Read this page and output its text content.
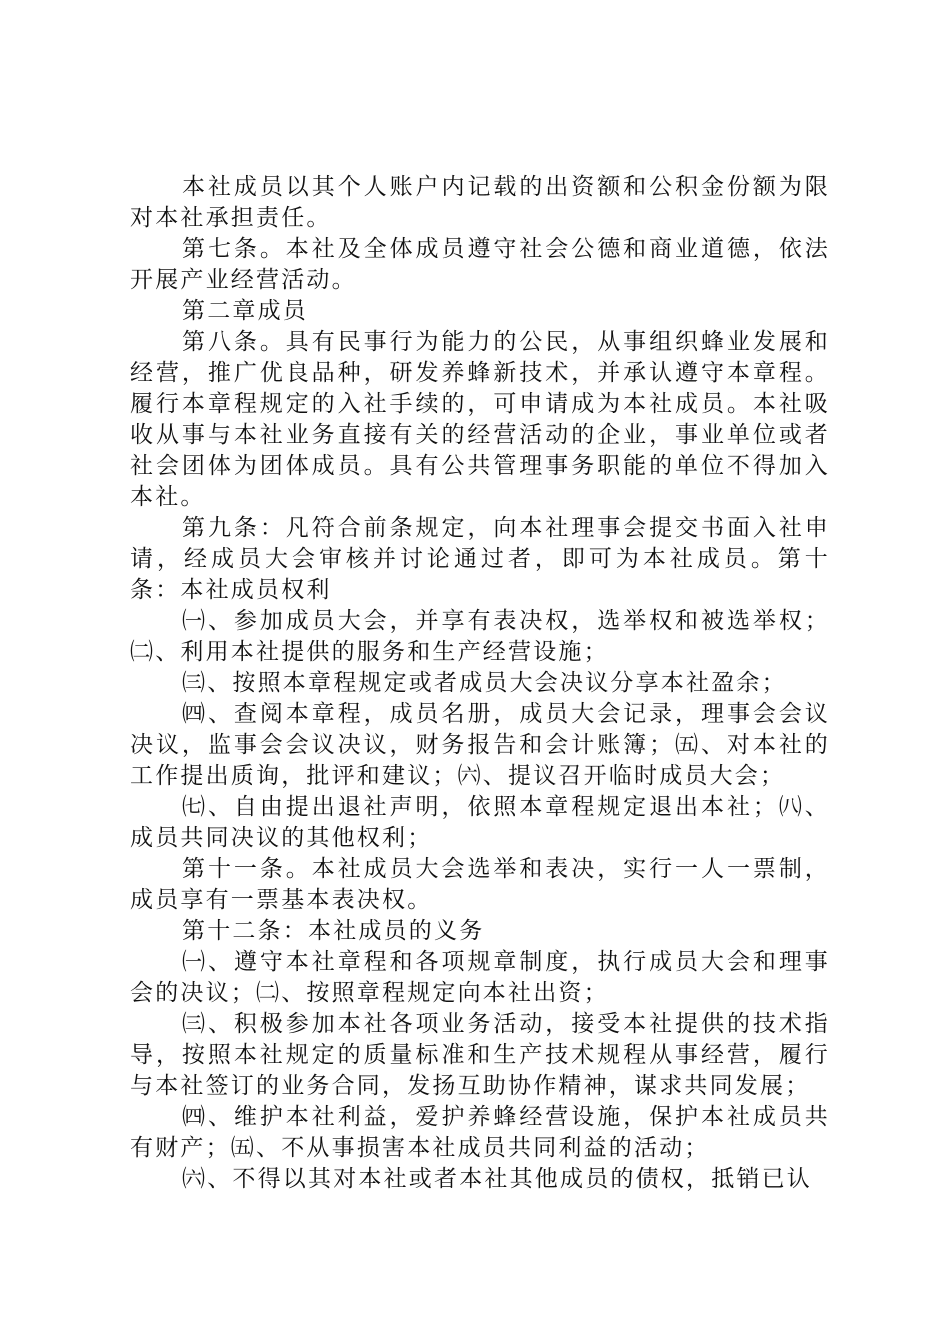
本社成员以其个人账户内记载的出资额和公积金份额为限对本社承担责任。

第七条。本社及全体成员遵守社会公德和商业道德，依法开展产业经营活动。

第二章成员

第八条。具有民事行为能力的公民，从事组织蜂业发展和经营，推广优良品种，研发养蜂新技术，并承认遵守本章程。履行本章程规定的入社手续的，可申请成为本社成员。本社吸收从事与本社业务直接有关的经营活动的企业，事业单位或者社会团体为团体成员。具有公共管理事务职能的单位不得加入本社。

第九条：凡符合前条规定，向本社理事会提交书面入社申请，经成员大会审核并讨论通过者，即可为本社成员。第十条：本社成员权利

㈠、参加成员大会，并享有表决权，选举权和被选举权；㈡、利用本社提供的服务和生产经营设施；

㈢、按照本章程规定或者成员大会决议分享本社盈余；

㈣、查阅本章程，成员名册，成员大会记录，理事会会议决议，监事会会议决议，财务报告和会计账簿；㈤、对本社的工作提出质询，批评和建议；㈥、提议召开临时成员大会；

㈦、自由提出退社声明，依照本章程规定退出本社；㈧、成员共同决议的其他权利；

第十一条。本社成员大会选举和表决，实行一人一票制，成员享有一票基本表决权。

第十二条：本社成员的义务

㈠、遵守本社章程和各项规章制度，执行成员大会和理事会的决议；㈡、按照章程规定向本社出资；

㈢、积极参加本社各项业务活动，接受本社提供的技术指导，按照本社规定的质量标准和生产技术规程从事经营，履行与本社签订的业务合同，发扬互助协作精神，谋求共同发展；

㈣、维护本社利益，爱护养蜂经营设施，保护本社成员共有财产；㈤、不从事损害本社成员共同利益的活动；

㈥、不得以其对本社或者本社其他成员的债权，抵销已认
